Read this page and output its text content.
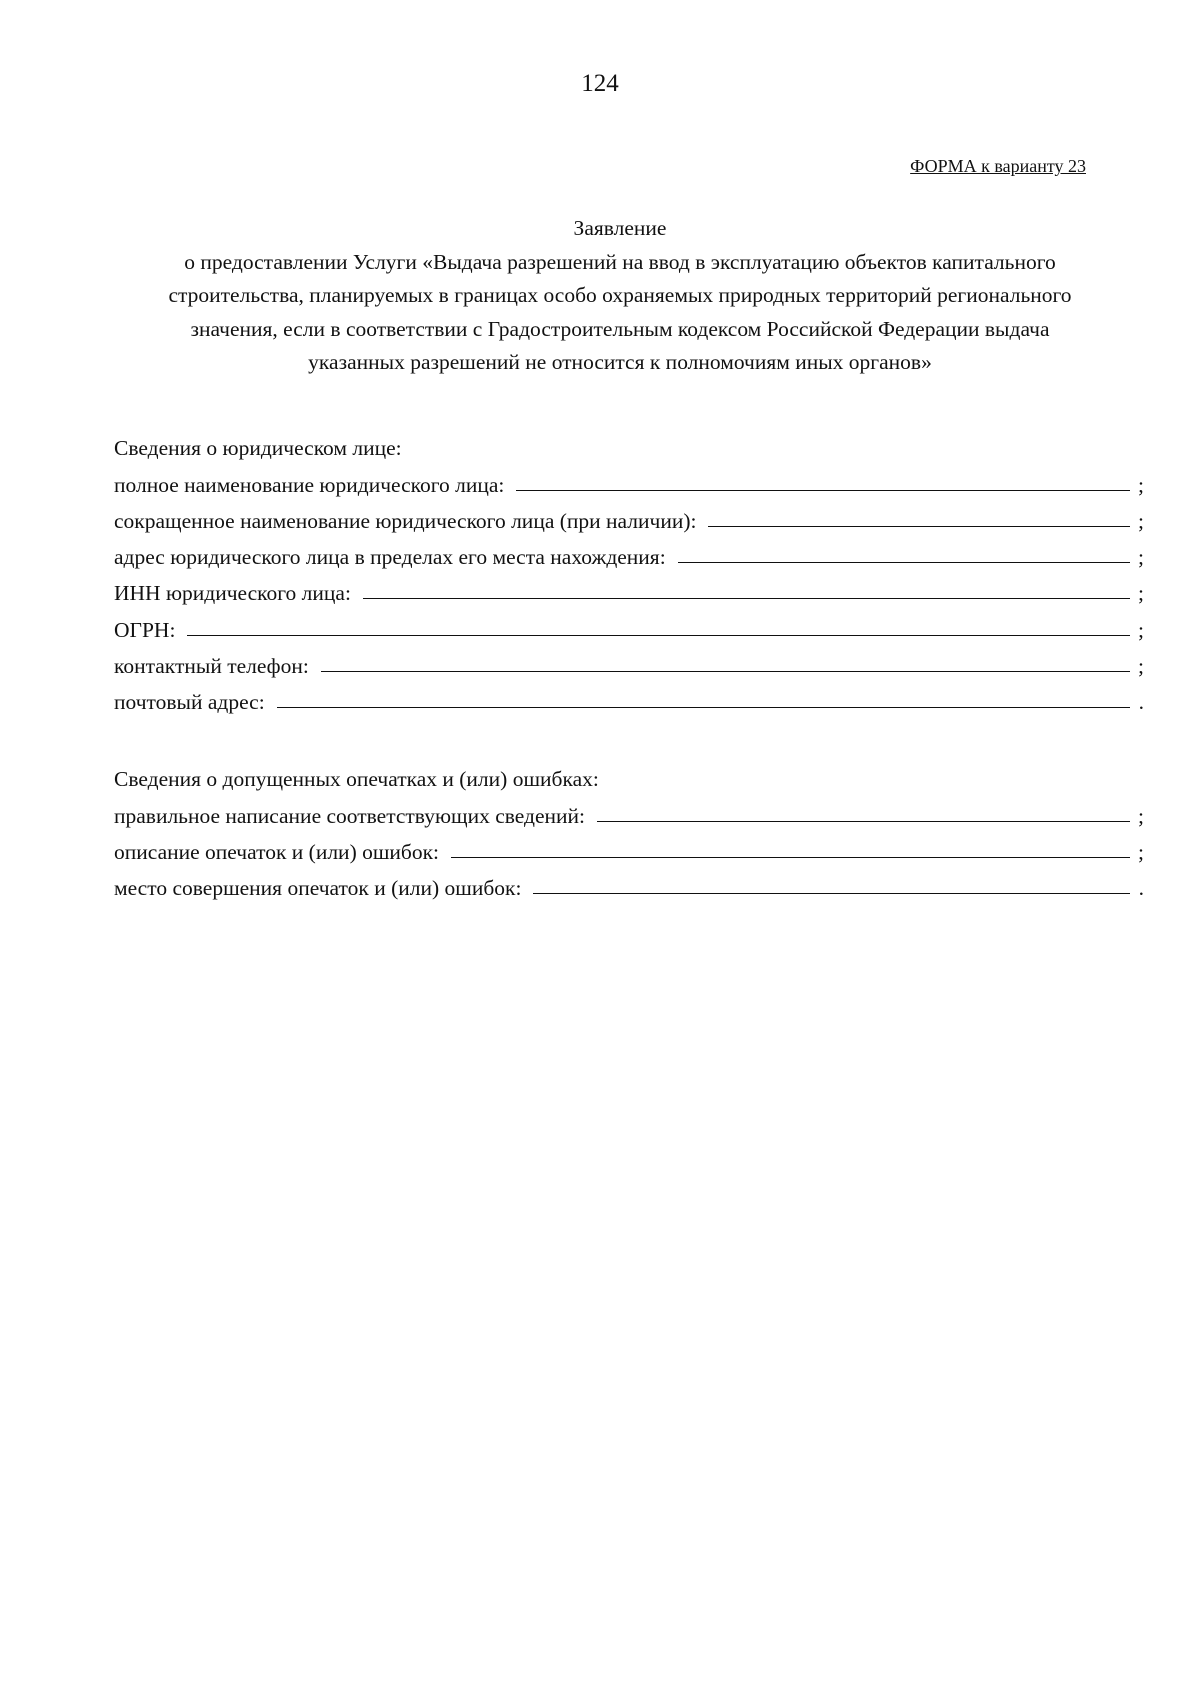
124
ФОРМА к варианту 23
Заявление
о предоставлении Услуги «Выдача разрешений на ввод в эксплуатацию объектов капитального
строительства, планируемых в границах особо охраняемых природных территорий регионального
значения, если в соответствии с Градостроительным кодексом Российской Федерации выдача
указанных разрешений не относится к полномочиям иных органов»
Сведения о юридическом лице:
полное наименование юридического лица:	;
сокращенное наименование юридического лица (при наличии):	;
адрес юридического лица в пределах его места нахождения:	;
ИНН юридического лица:	;
ОГРН:	;
контактный телефон:	;
почтовый адрес:	.
Сведения о допущенных опечатках и (или) ошибках:
правильное написание соответствующих сведений:	;
описание опечаток и (или) ошибок:	;
место совершения опечаток и (или) ошибок:	.
